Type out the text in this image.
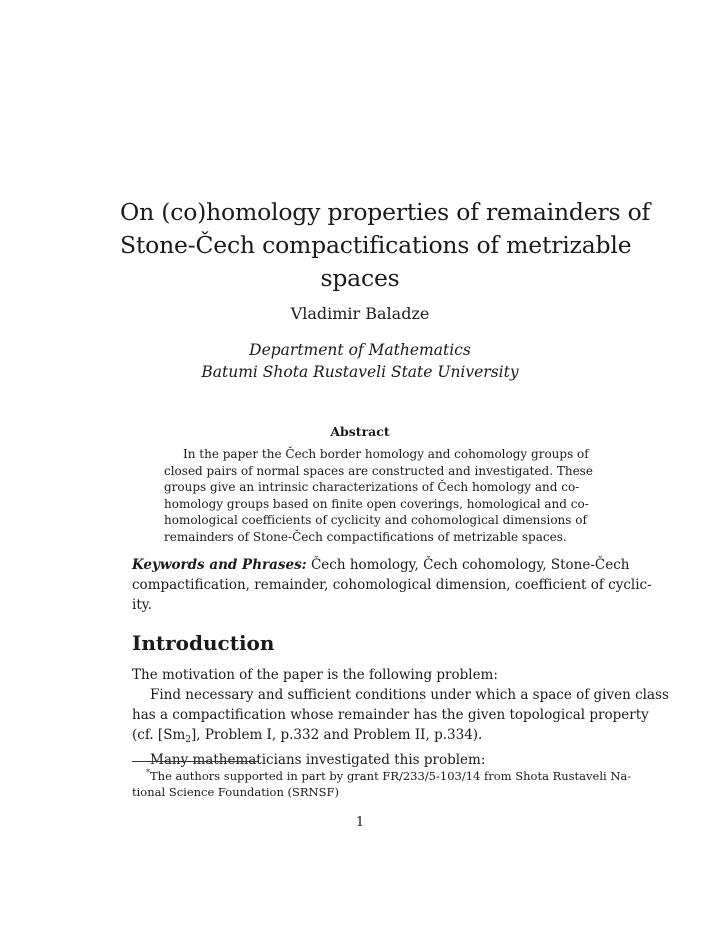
On (co)homology properties of remainders of
Stone-Čech compactifications of metrizable
spaces
Vladimir Baladze
Department of Mathematics
Batumi Shota Rustaveli State University
Abstract
In the paper the Čech border homology and cohomology groups of
closed pairs of normal spaces are constructed and investigated. These
groups give an intrinsic characterizations of Čech homology and co-
homology groups based on finite open coverings, homological and co-
homological coefficients of cyclicity and cohomological dimensions of
remainders of Stone-Čech compactifications of metrizable spaces.
Keywords and Phrases: Čech homology, Čech cohomology, Stone-Čech
compactification, remainder, cohomological dimension, coefficient of cyclic-
ity.
Introduction
The motivation of the paper is the following problem:
Find necessary and sufficient conditions under which a space of given class
has a compactification whose remainder has the given topological property
(cf. $[Sm_2]$, Problem I, p.332 and Problem II, p.334).
Many mathematicians investigated this problem:
*The authors supported in part by grant FR/233/5-103/14 from Shota Rustaveli Na-
tional Science Foundation (SRNSF)
1
